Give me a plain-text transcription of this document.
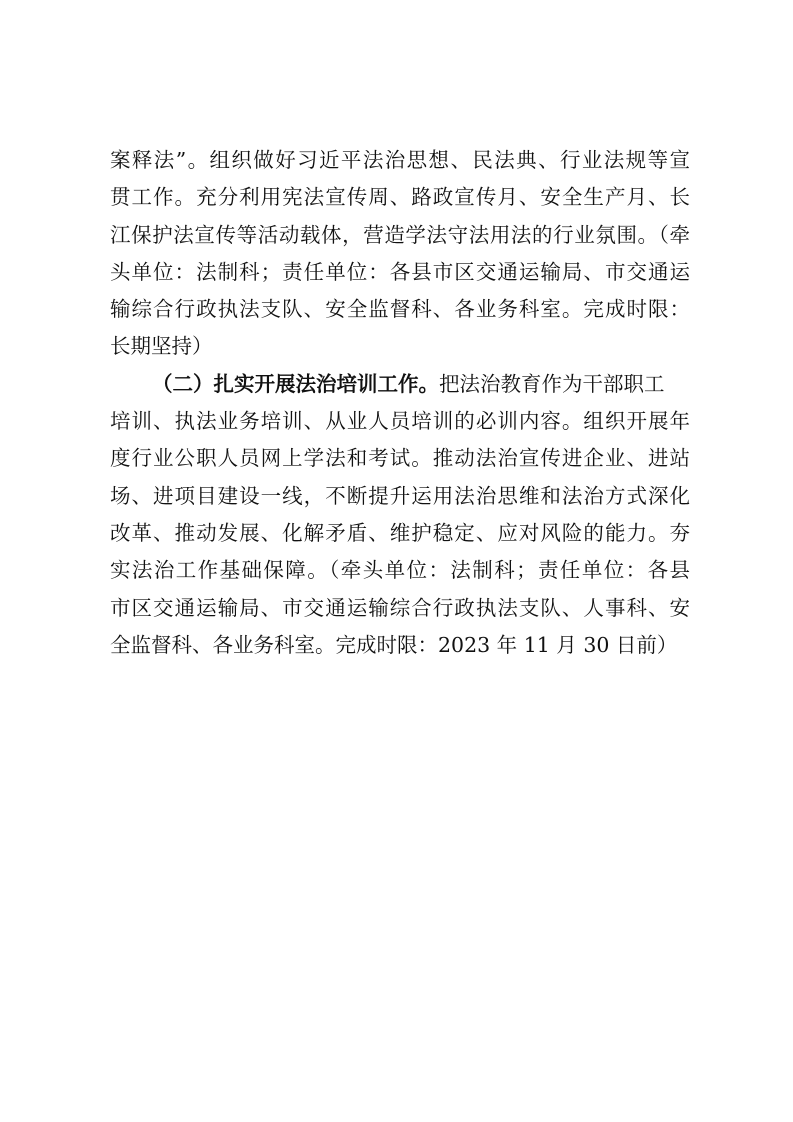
案释法”。组织做好习近平法治思想、民法典、行业法规等宣
贯工作。充分利用宪法宣传周、路政宣传月、安全生产月、长
江保护法宣传等活动载体，营造学法守法用法的行业氛围。（牵
头单位：法制科；责任单位：各县市区交通运输局、市交通运
输综合行政执法支队、安全监督科、各业务科室。完成时限：
长期坚持）
（二）扎实开展法治培训工作。把法治教育作为干部职工
培训、执法业务培训、从业人员培训的必训内容。组织开展年
度行业公职人员网上学法和考试。推动法治宣传进企业、进站
场、进项目建设一线，不断提升运用法治思维和法治方式深化
改革、推动发展、化解矛盾、维护稳定、应对风险的能力。夯
实法治工作基础保障。（牵头单位：法制科；责任单位：各县
市区交通运输局、市交通运输综合行政执法支队、人事科、安
全监督科、各业务科室。完成时限：2023 年 11 月 30 日前）
